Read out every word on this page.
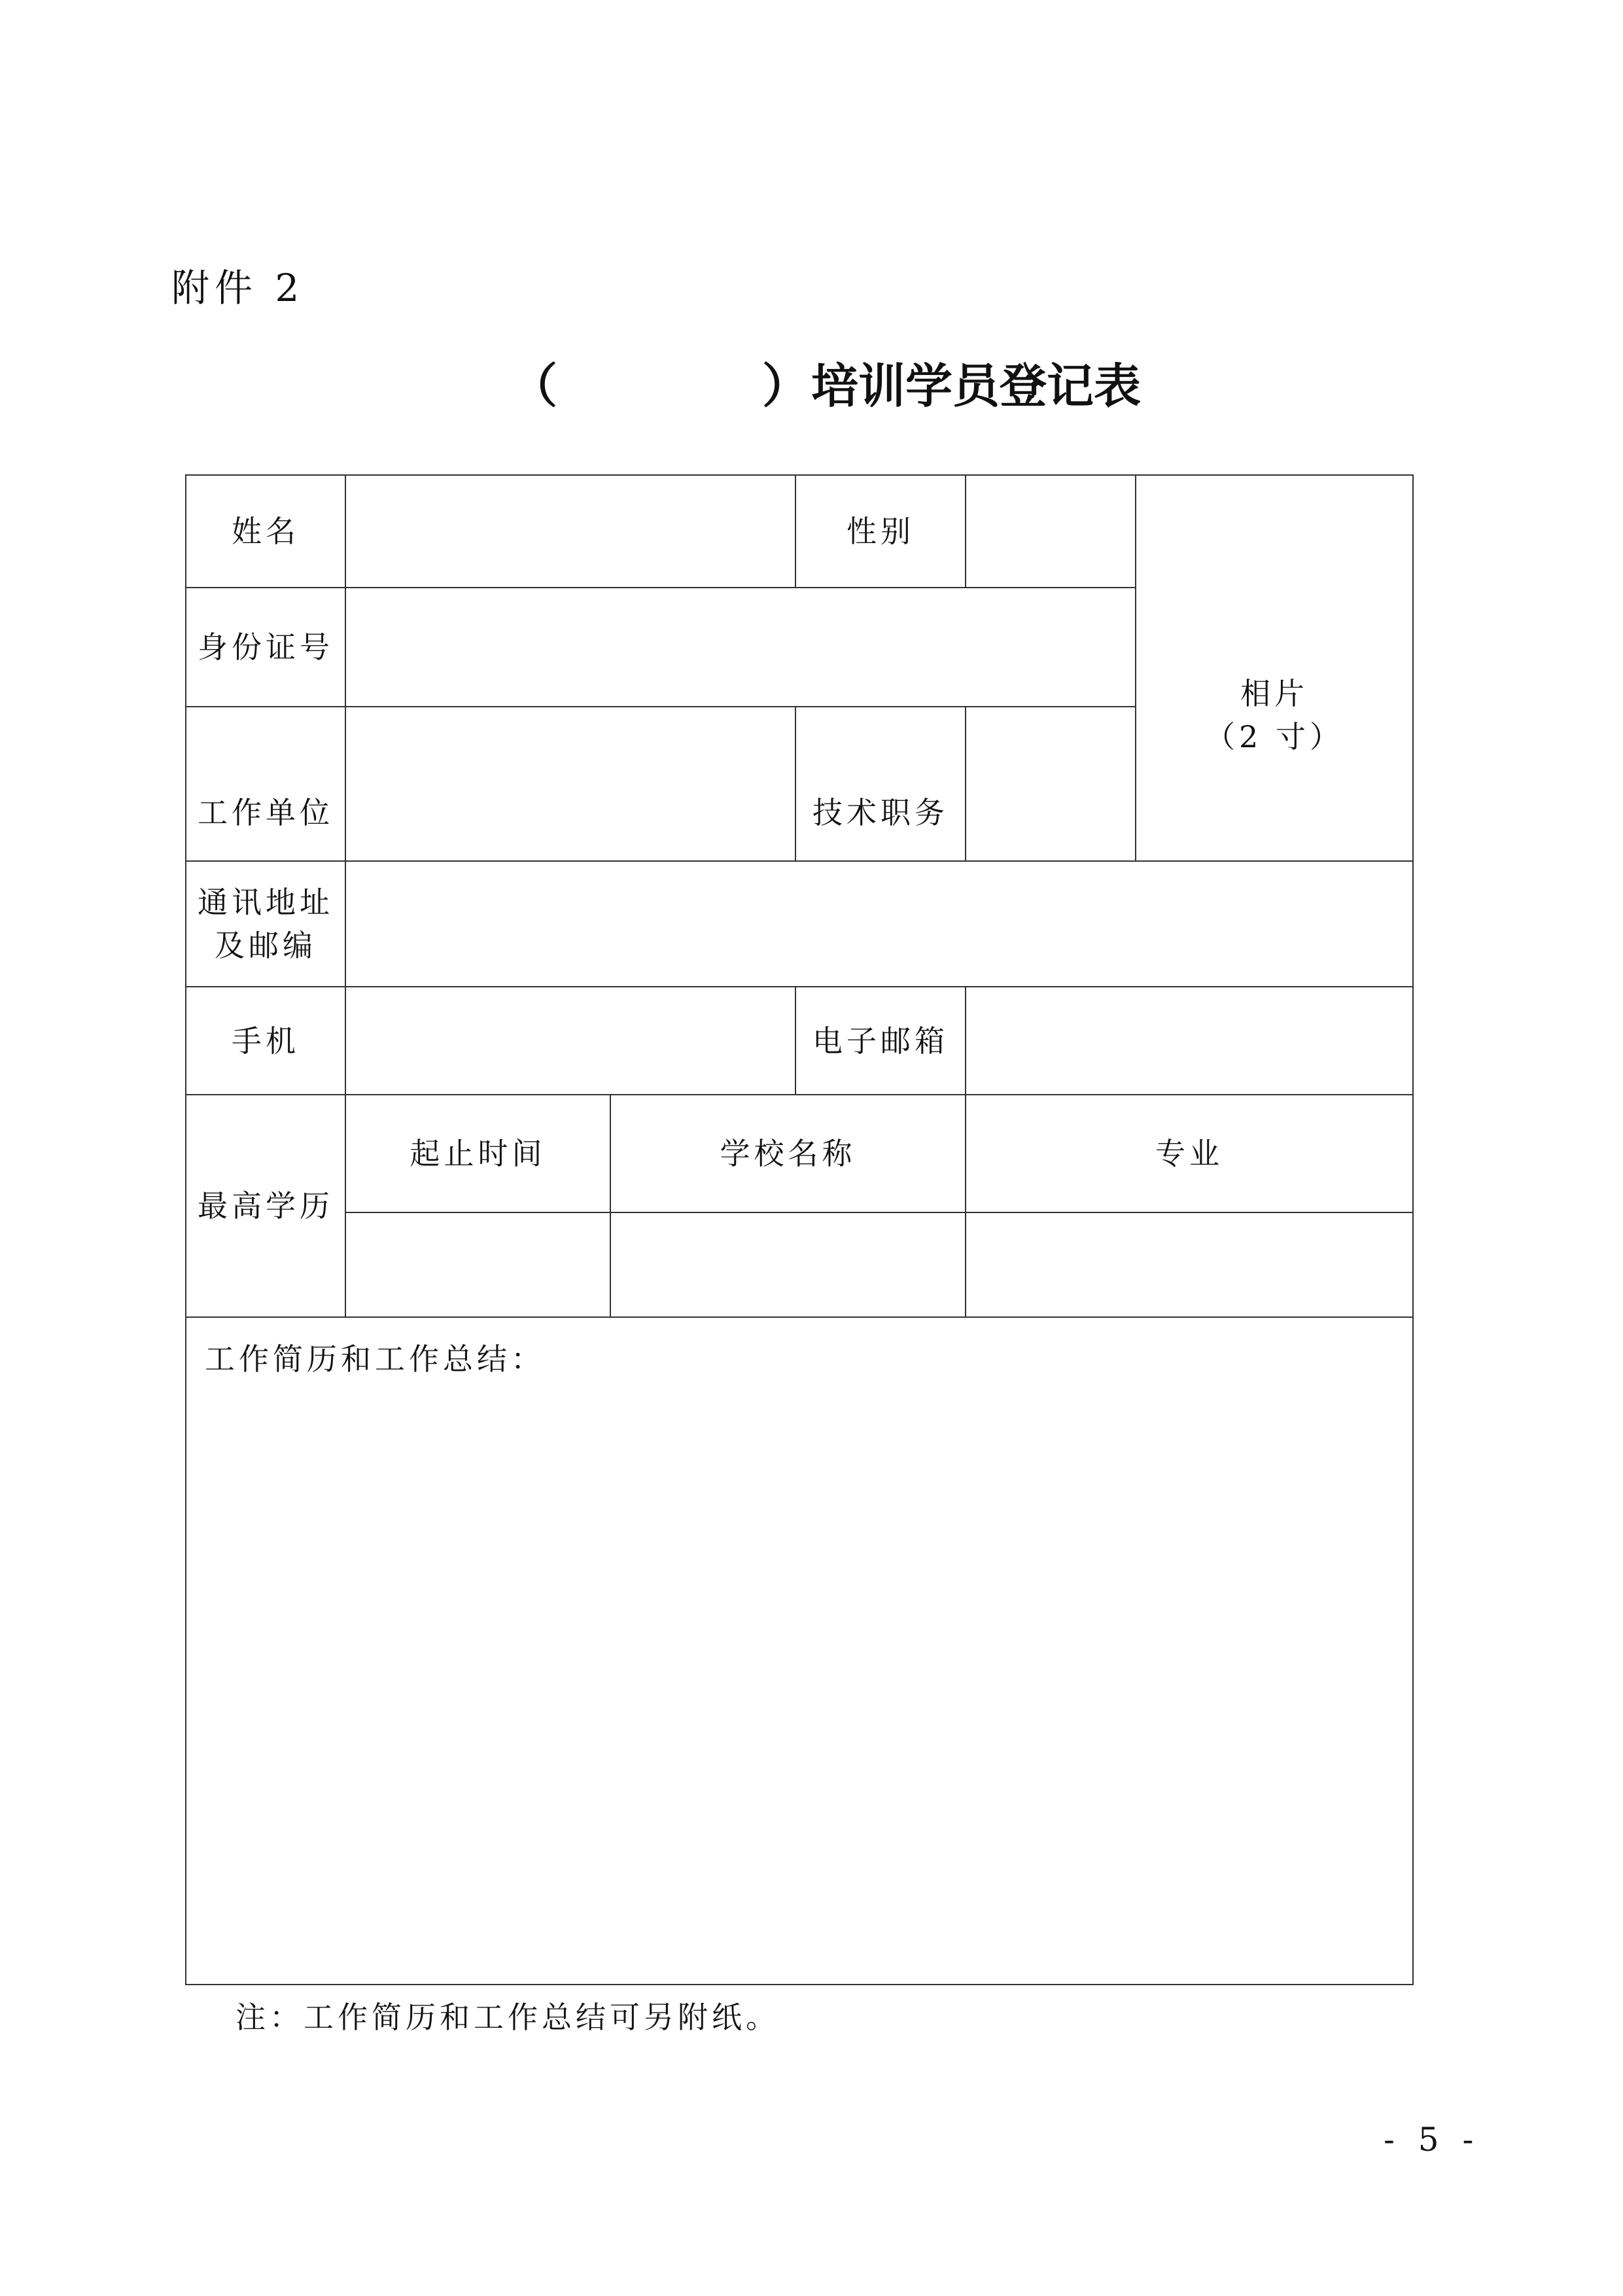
附件 2
（	） 培训学员登记表
姓名			性别		相片
（2 寸）

身份证号					
工作单位			技术职务		

通讯地址
及邮编					

手机			电子邮箱		
最高学历	起止时间	学校名称		专业	

工作简历和工作总结：					
注：工作简历和工作总结可另附纸。
- 5 -
